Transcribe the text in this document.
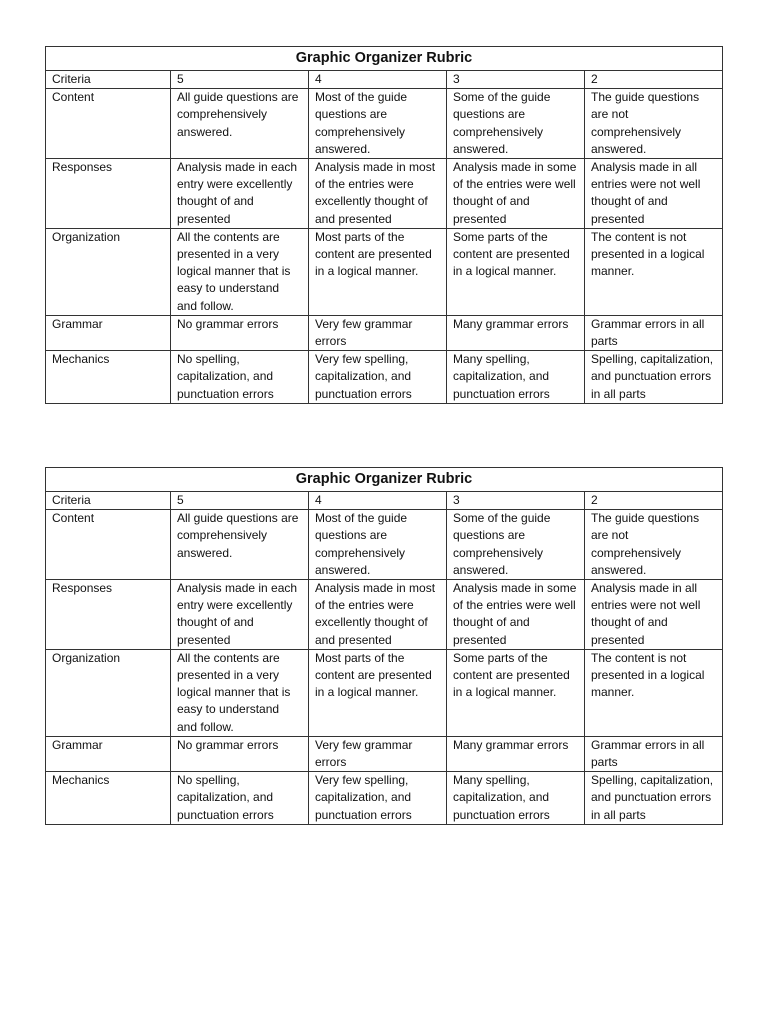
Graphic Organizer Rubric				
Criteria	5	4	3	2
Content	All guide questions are comprehensively answered.	Most of the guide questions are comprehensively answered.	Some of the guide questions are comprehensively answered.	The guide questions are not comprehensively answered.
Responses	Analysis made in each entry were excellently thought of and presented	Analysis made in most of the entries were excellently thought of and presented	Analysis made in some of the entries were well thought of and presented	Analysis made in all entries were not well thought of and presented
Organization	All the contents are presented in a very logical manner that is easy to understand and follow.	Most parts of the content are presented in a logical manner.	Some parts of the content are presented in a logical manner.	The content is not presented in a logical manner.
Grammar	No grammar errors	Very few grammar errors	Many grammar errors	Grammar errors in all parts
Mechanics	No spelling, capitalization, and punctuation errors	Very few spelling, capitalization, and punctuation errors	Many spelling, capitalization, and punctuation errors	Spelling, capitalization, and punctuation errors in all parts
Graphic Organizer Rubric				
Criteria	5	4	3	2
Content	All guide questions are comprehensively answered.	Most of the guide questions are comprehensively answered.	Some of the guide questions are comprehensively answered.	The guide questions are not comprehensively answered.
Responses	Analysis made in each entry were excellently thought of and presented	Analysis made in most of the entries were excellently thought of and presented	Analysis made in some of the entries were well thought of and presented	Analysis made in all entries were not well thought of and presented
Organization	All the contents are presented in a very logical manner that is easy to understand and follow.	Most parts of the content are presented in a logical manner.	Some parts of the content are presented in a logical manner.	The content is not presented in a logical manner.
Grammar	No grammar errors	Very few grammar errors	Many grammar errors	Grammar errors in all parts
Mechanics	No spelling, capitalization, and punctuation errors	Very few spelling, capitalization, and punctuation errors	Many spelling, capitalization, and punctuation errors	Spelling, capitalization, and punctuation errors in all parts
